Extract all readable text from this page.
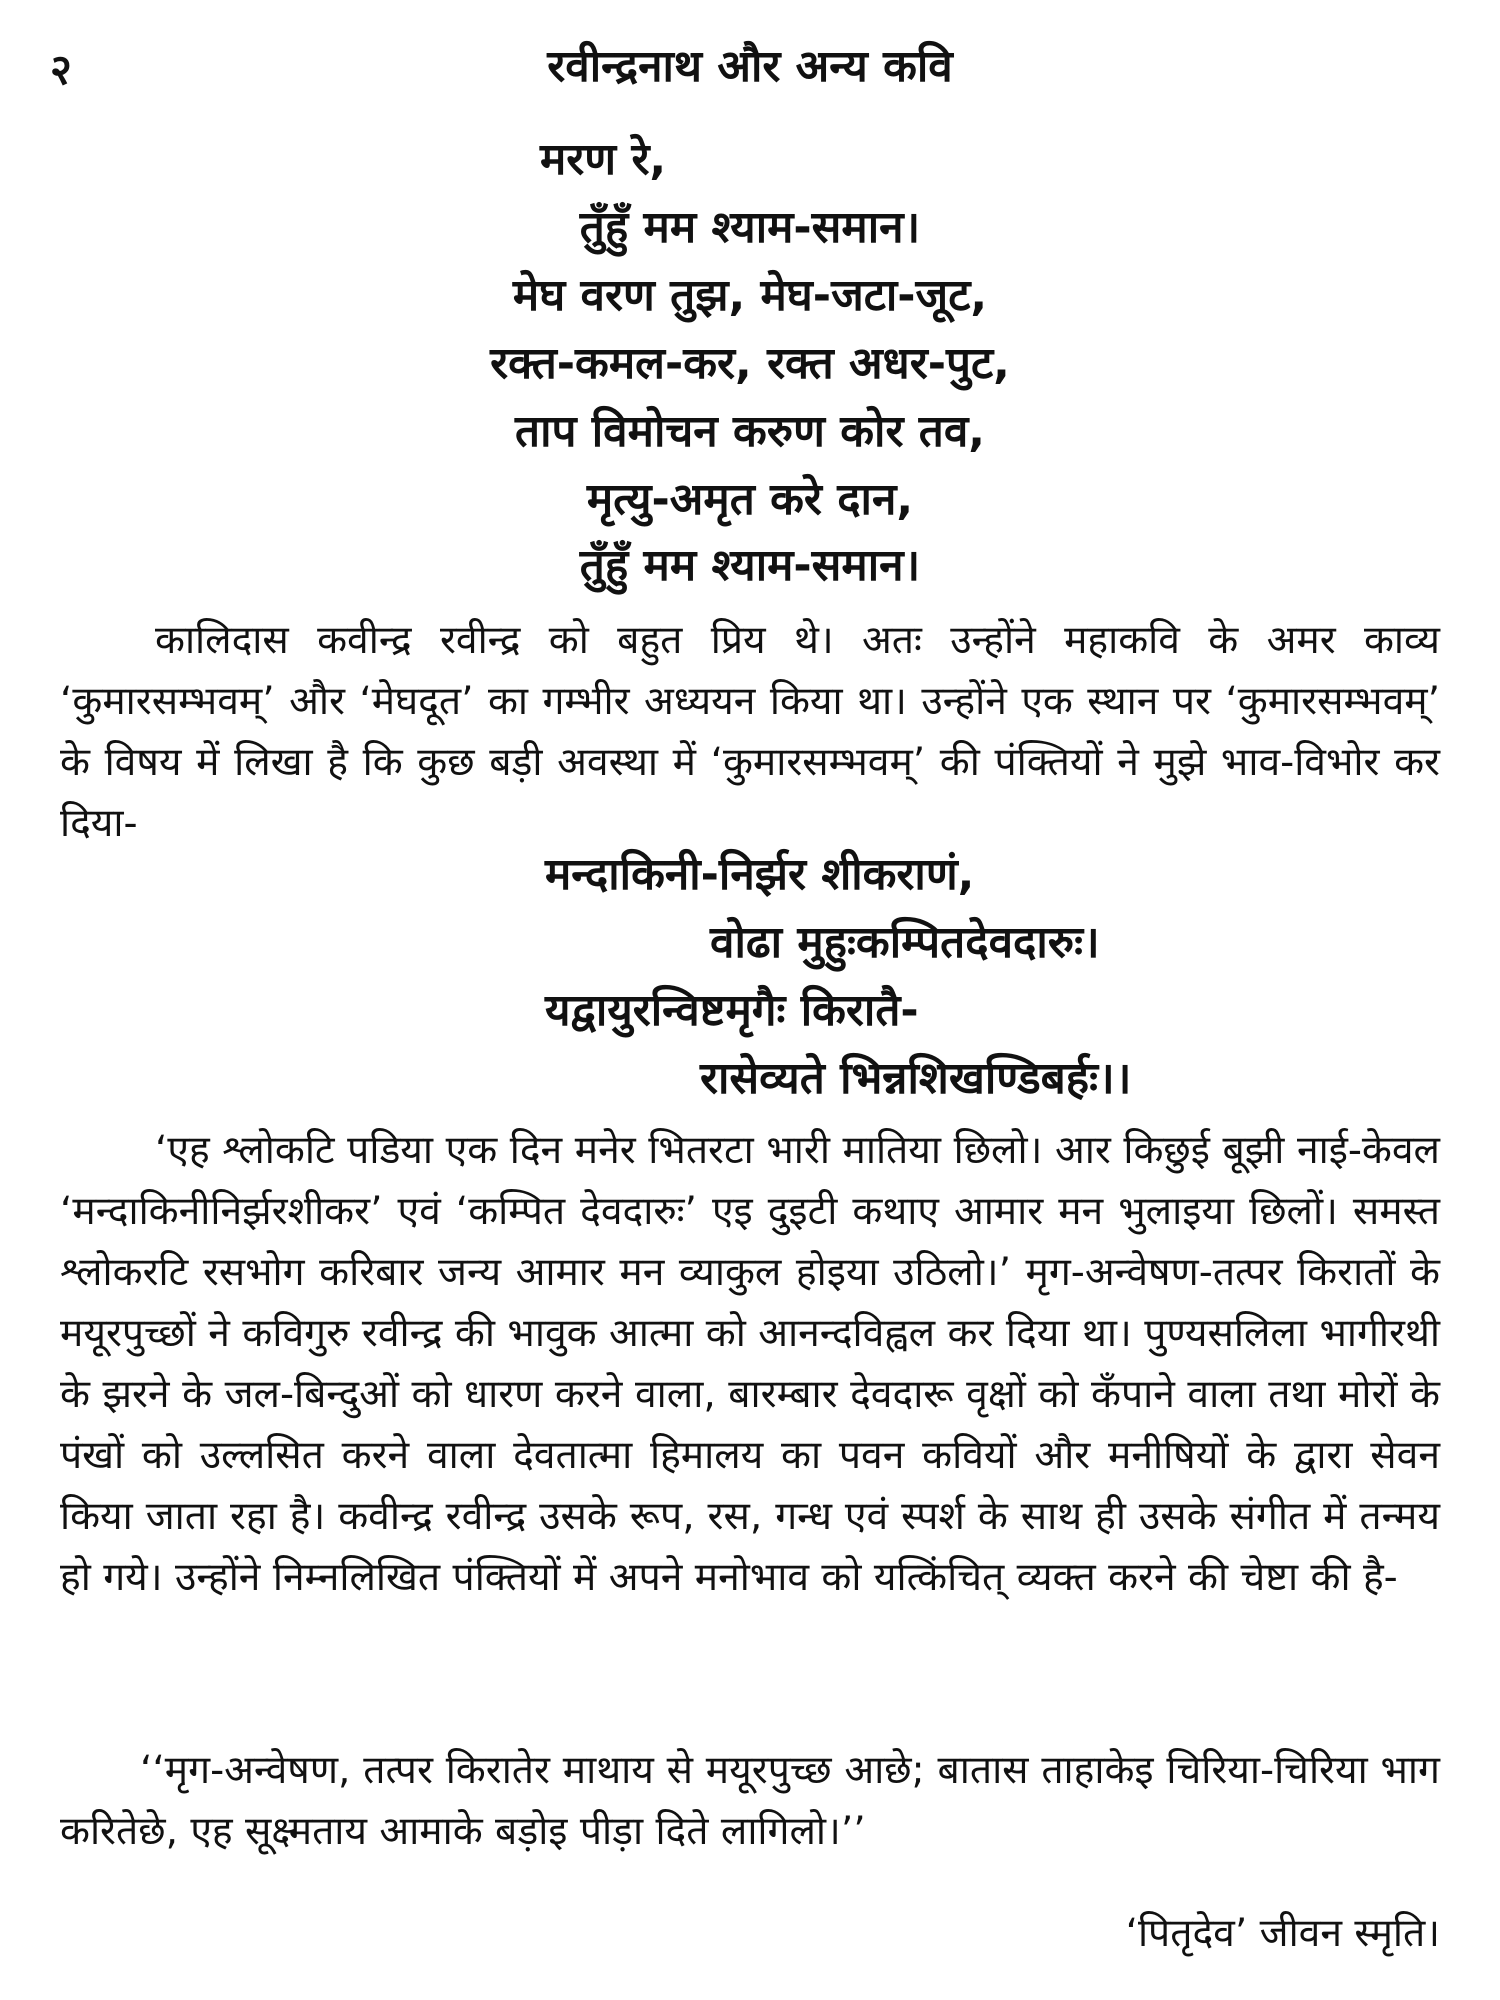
२	रवीन्द्रनाथ और अन्य कवि
मरण रे,
तुँहुँ मम श्याम-समान।
मेघ वरण तुझ, मेघ-जटा-जूट,
रक्त-कमल-कर, रक्त अधर-पुट,
ताप विमोचन करुण कोर तव,
मृत्यु-अमृत करे दान,
तुँहुँ मम श्याम-समान।

कालिदास कवीन्द्र रवीन्द्र को बहुत प्रिय थे। अतः उन्होंने महाकवि के अमर काव्य ‘कुमारसम्भवम्’ और ‘मेघदूत’ का गम्भीर अध्ययन किया था। उन्होंने एक स्थान पर ‘कुमारसम्भवम्’ के विषय में लिखा है कि कुछ बड़ी अवस्था में ‘कुमारसम्भवम्’ की पंक्तियों ने मुझे भाव-विभोर कर दिया-

मन्दाकिनी-निर्झर शीकराणं,
वोढा मुहुःकम्पितदेवदारुः।
यद्वायुरन्विष्टमृगैः किरातै-
रासेव्यते भिन्नशिखण्डिबर्हः।।

‘एह श्लोकटि पडिया एक दिन मनेर भितरटा भारी मातिया छिलो। आर किछुई बूझी नाई-केवल ‘मन्दाकिनीनिर्झरशीकर’ एवं ‘कम्पित देवदारुः’ एइ दुइटी कथाए आमार मन भुलाइया छिलों। समस्त श्लोकरटि रसभोग करिबार जन्य आमार मन व्याकुल होइया उठिलो।’ मृग-अन्वेषण-तत्पर किरातों के मयूरपुच्छों ने कविगुरु रवीन्द्र की भावुक आत्मा को आनन्दविह्वल कर दिया था। पुण्यसलिला भागीरथी के झरने के जल-बिन्दुओं को धारण करने वाला, बारम्बार देवदारू वृक्षों को कँपाने वाला तथा मोरों के पंखों को उल्लसित करने वाला देवतात्मा हिमालय का पवन कवियों और मनीषियों के द्वारा सेवन किया जाता रहा है। कवीन्द्र रवीन्द्र उसके रूप, रस, गन्ध एवं स्पर्श के साथ ही उसके संगीत में तन्मय हो गये। उन्होंने निम्नलिखित पंक्तियों में अपने मनोभाव को यत्किंचित् व्यक्त करने की चेष्टा की है-

‘‘मृग-अन्वेषण, तत्पर किरातेर माथाय से मयूरपुच्छ आछे; बातास ताहाकेइ चिरिया-चिरिया भाग करितेछे, एह सूक्ष्मताय आमाके बड़ोइ पीड़ा दिते लागिलो।’’

‘पितृदेव’ जीवन स्मृति।
